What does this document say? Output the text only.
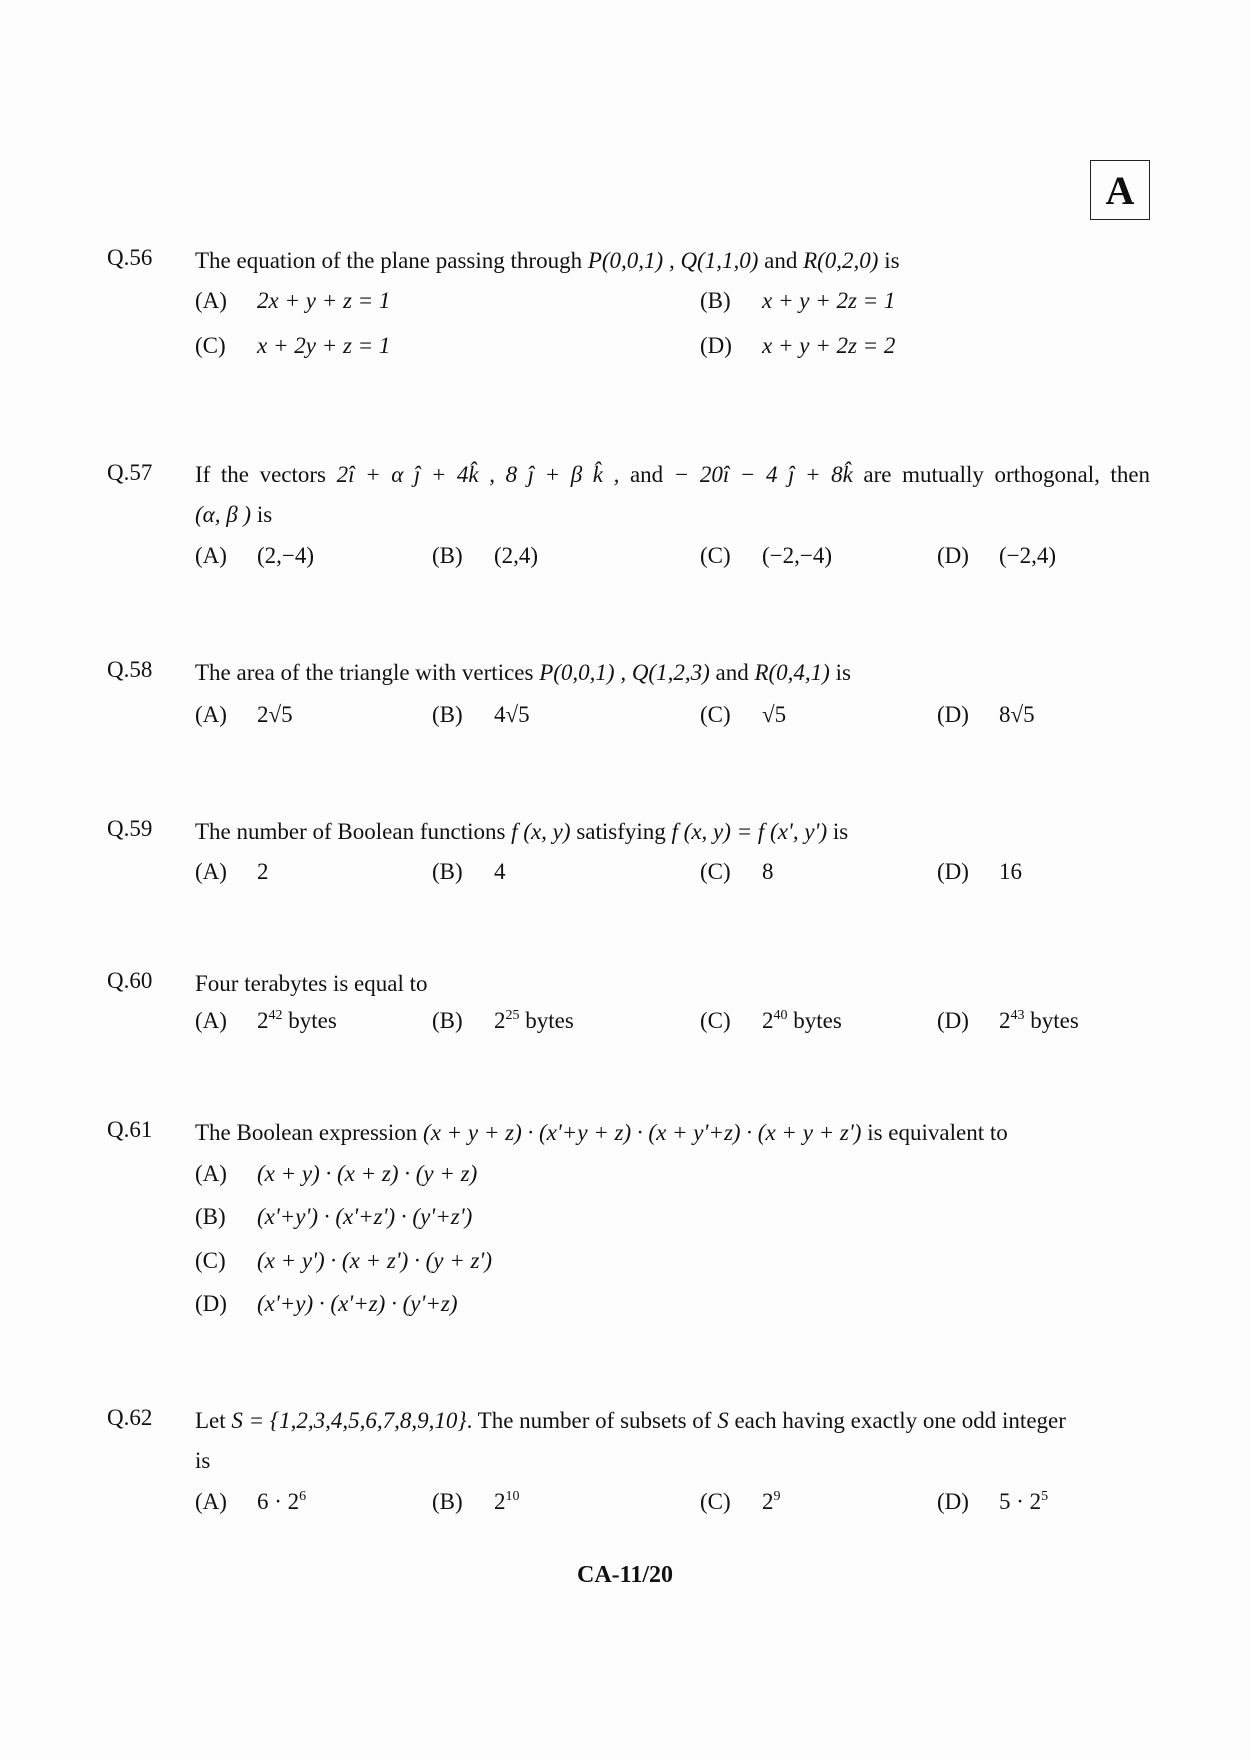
A
Q.56 The equation of the plane passing through P(0,0,1) , Q(1,1,0) and R(0,2,0) is
(A) 2x + y + z = 1	(B) x + y + 2z = 1
(C) x + 2y + z = 1	(D) x + y + 2z = 2
Q.57 If the vectors 2î + α ĵ + 4k̂ , 8 ĵ + β k̂ , and − 20î − 4 ĵ + 8k̂ are mutually orthogonal, then
(α, β ) is
(A) (2,−4)	(B) (2,4)	(C) (−2,−4)	(D) (−2,4)
Q.58 The area of the triangle with vertices P(0,0,1) , Q(1,2,3) and R(0,4,1) is
(A) 2√5	(B) 4√5	(C) √5	(D) 8√5
Q.59 The number of Boolean functions f (x, y) satisfying f (x, y) = f (x', y') is
(A) 2	(B) 4	(C) 8	(D) 16
Q.60 Four terabytes is equal to
(A) $2^{42}$ bytes	(B) $2^{25}$ bytes	(C) $2^{40}$ bytes	(D) $2^{43}$ bytes
Q.61 The Boolean expression (x + y + z) · (x'+y + z) · (x + y'+z) · (x + y + z') is equivalent to
(A) (x + y) · (x + z) · (y + z)
(B) (x'+y') · (x'+z') · (y'+z')
(C) (x + y') · (x + z') · (y + z')
(D) (x'+y) · (x'+z) · (y'+z)
Q.62 Let S = {1,2,3,4,5,6,7,8,9,10}. The number of subsets of S each having exactly one odd integer
is
(A) $6 \cdot 2^6$	(B) $2^{10}$	(C) $2^9$	(D) $5 \cdot 2^5$
CA-11/20
